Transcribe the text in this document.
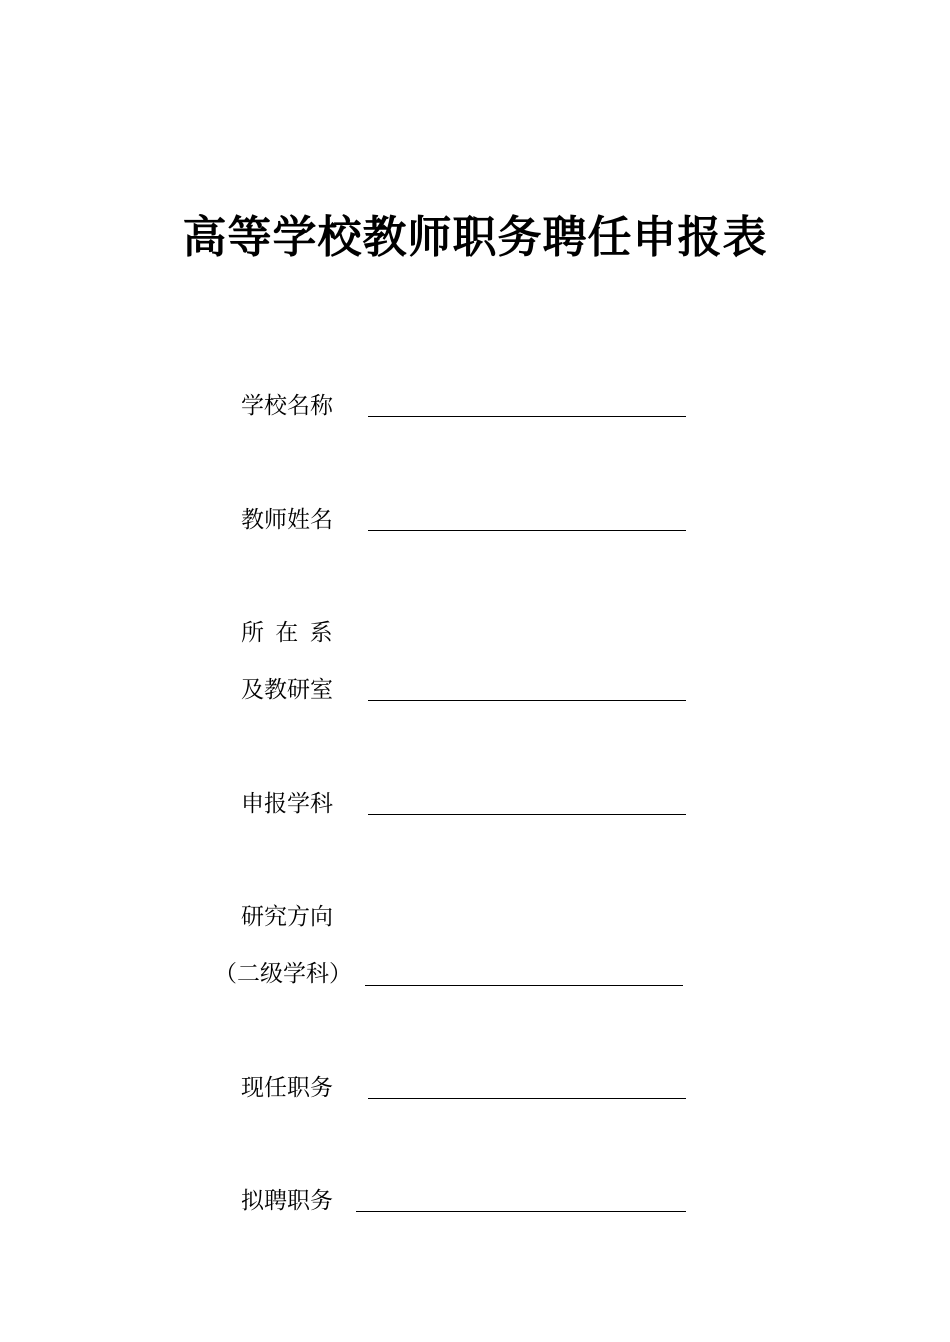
高等学校教师职务聘任申报表
学校名称
教师姓名
所 在 系
及教研室
申报学科
研究方向
（二级学科）
现任职务
拟聘职务
